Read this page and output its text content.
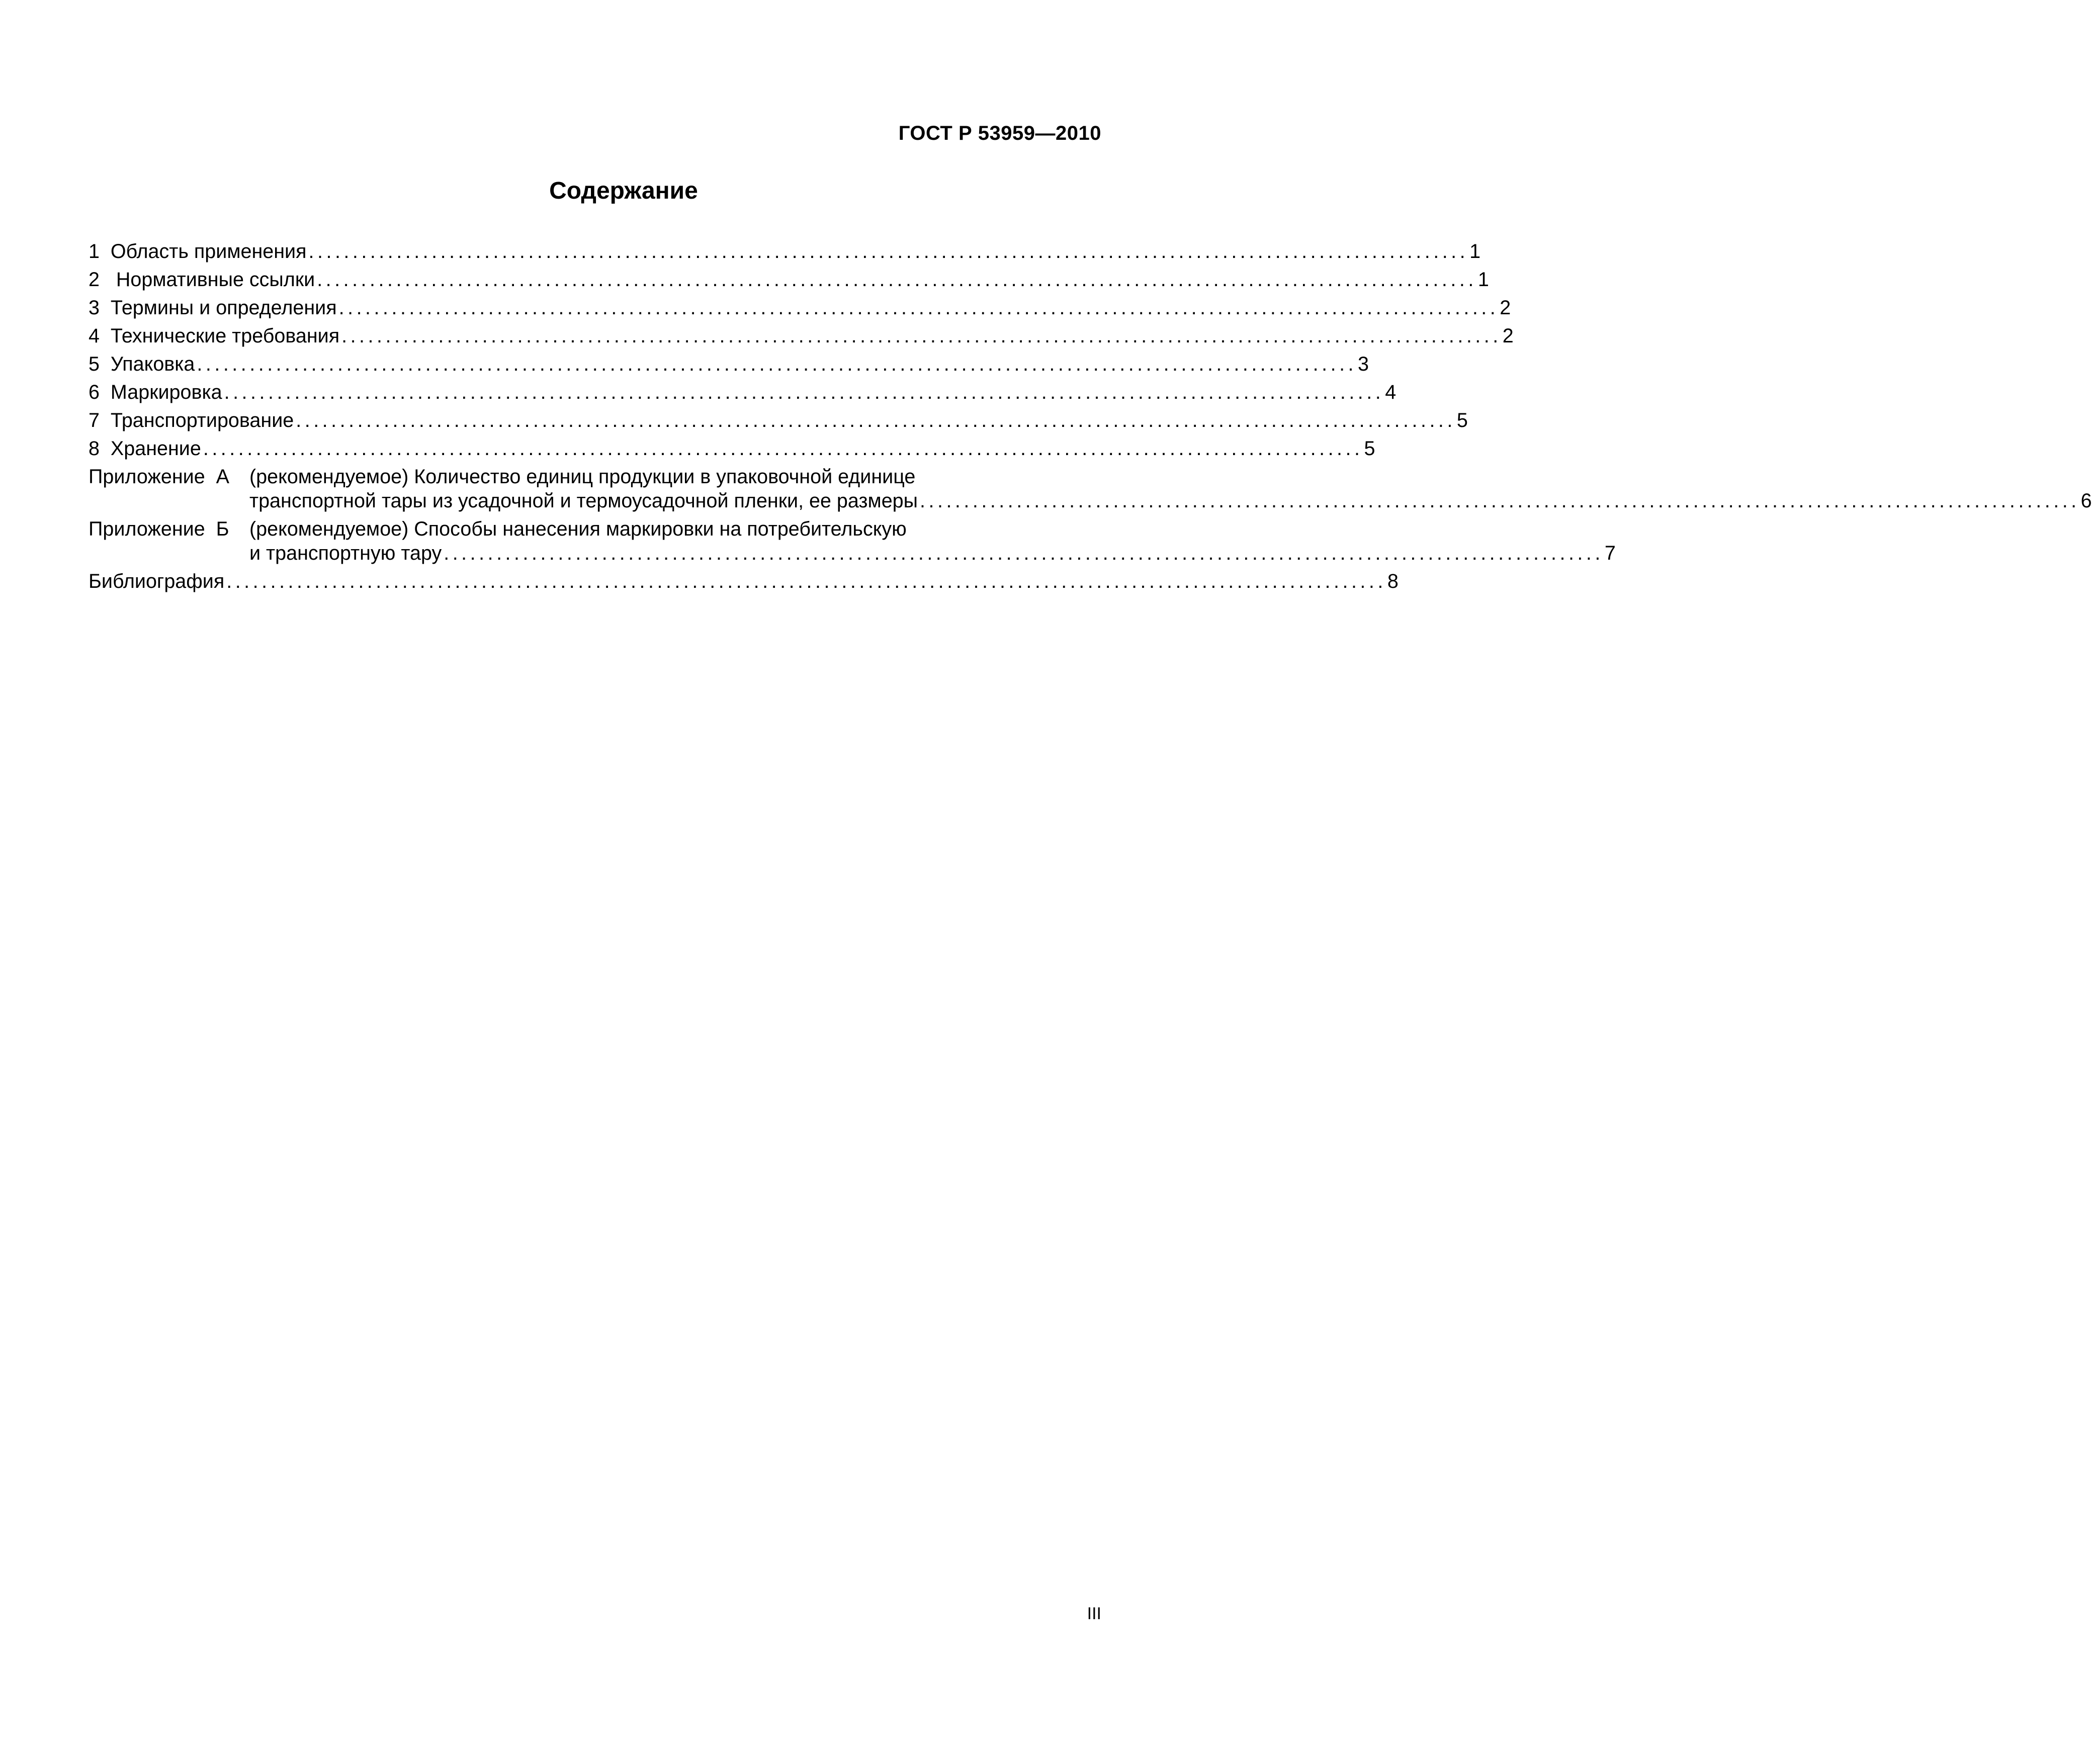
ГОСТ Р 53959—2010
Содержание
1 Область применения .................................................................................................................................... 1
2   Нормативные ссылки .................................................................................................................................... 1
3 Термины и определения .................................................................................................................................... 2
4 Технические требования .................................................................................................................................... 2
5 Упаковка .................................................................................................................................... 3
6 Маркировка .................................................................................................................................... 4
7 Транспортирование .................................................................................................................................... 5
8 Хранение .................................................................................................................................... 5
Приложение  А (рекомендуемое) Количество единиц продукции в упаковочной единице
транспортной тары из усадочной и термоусадочной пленки, ее размеры .................................................................................................................................... 6
Приложение  Б (рекомендуемое) Способы нанесения маркировки на потребительскую
и транспортную тару .................................................................................................................................... 7
Библиография .................................................................................................................................... 8
III
